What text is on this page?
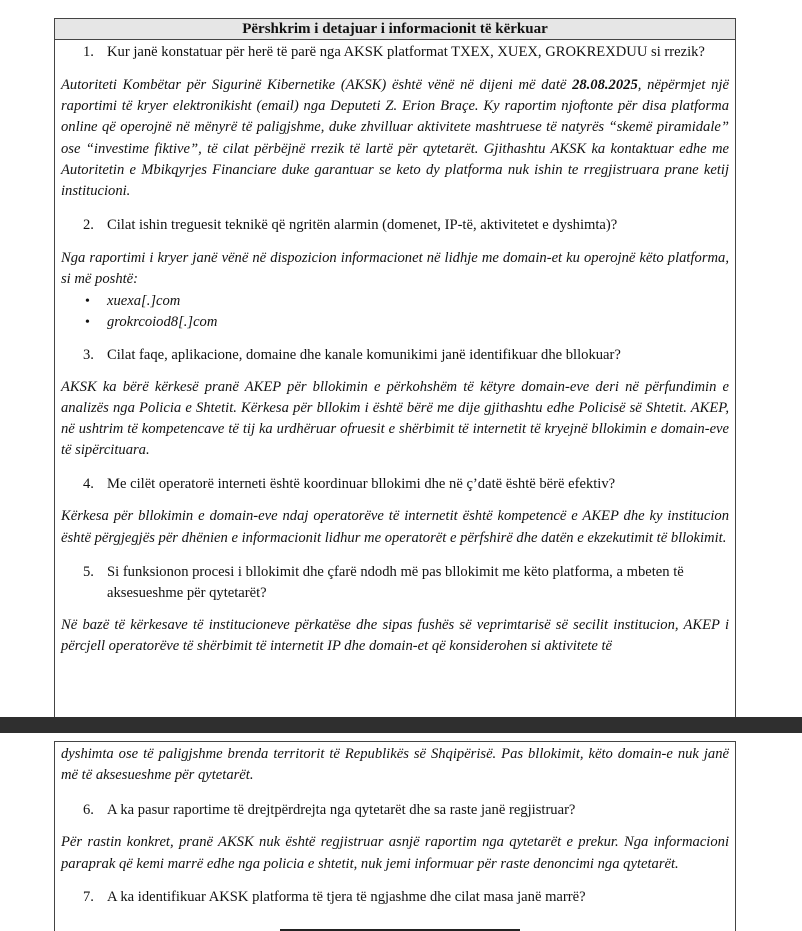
Përshkrim i detajuar i informacionit të kërkuar
1. Kur janë konstatuar për herë të parë nga AKSK platformat TXEX, XUEX, GROKREXDUU si rrezik?
Autoriteti Kombëtar për Sigurinë Kibernetike (AKSK) është vënë në dijeni më datë 28.08.2025, nëpërmjet një raportimi të kryer elektronikisht (email) nga Deputeti Z. Erion Braçe. Ky raportim njoftonte për disa platforma online që operojnë në mënyrë të paligjshme, duke zhvilluar aktivitete mashtruese të natyrës “skemë piramidale” ose “investime fiktive”, të cilat përbëjnë rrezik të lartë për qytetarët. Gjithashtu AKSK ka kontaktuar edhe me Autoritetin e Mbikqyrjes Financiare duke garantuar se keto dy platforma nuk ishin te rregjistruara prane ketij institucioni.
2. Cilat ishin treguesit teknikë që ngritën alarmin (domenet, IP-të, aktivitetet e dyshimta)?
Nga raportimi i kryer janë vënë në dispozicion informacionet në lidhje me domain-et ku operojnë këto platforma, si më poshtë:
• xuexa[.]com
• grokrcoiod8[.]com
3. Cilat faqe, aplikacione, domaine dhe kanale komunikimi janë identifikuar dhe bllokuar?
AKSK ka bërë kërkesë pranë AKEP për bllokimin e përkohshëm të këtyre domain-eve deri në përfundimin e analizës nga Policia e Shtetit. Kërkesa për bllokim i është bërë me dije gjithashtu edhe Policisë së Shtetit. AKEP, në ushtrim të kompetencave të tij ka urdhëruar ofruesit e shërbimit të internetit të kryejnë bllokimin e domain-eve të sipërcituara.
4. Me cilët operatorë interneti është koordinuar bllokimi dhe në ç’datë është bërë efektiv?
Kërkesa për bllokimin e domain-eve ndaj operatorëve të internetit është kompetencë e AKEP dhe ky institucion është përgjegjës për dhënien e informacionit lidhur me operatorët e përfshirë dhe datën e ekzekutimit të bllokimit.
5. Si funksionon procesi i bllokimit dhe çfarë ndodh më pas bllokimit me këto platforma, a mbeten të aksesueshme për qytetarët?
Në bazë të kërkesave të institucioneve përkatëse dhe sipas fushës së veprimtarisë së secilit institucion, AKEP i përcjell operatorëve të shërbimit të internetit IP dhe domain-et që konsiderohen si aktivitete të
dyshimta ose të paligjshme brenda territorit të Republikës së Shqipërisë. Pas bllokimit, këto domain-e nuk janë më të aksesueshme për qytetarët.
6. A ka pasur raportime të drejtpërdrejta nga qytetarët dhe sa raste janë regjistruar?
Për rastin konkret, pranë AKSK nuk është regjistruar asnjë raportim nga qytetarët e prekur. Nga informacioni paraprak që kemi marrë edhe nga policia e shtetit, nuk jemi informuar për raste denoncimi nga qytetarët.
7. A ka identifikuar AKSK platforma të tjera të ngjashme dhe cilat masa janë marrë?
